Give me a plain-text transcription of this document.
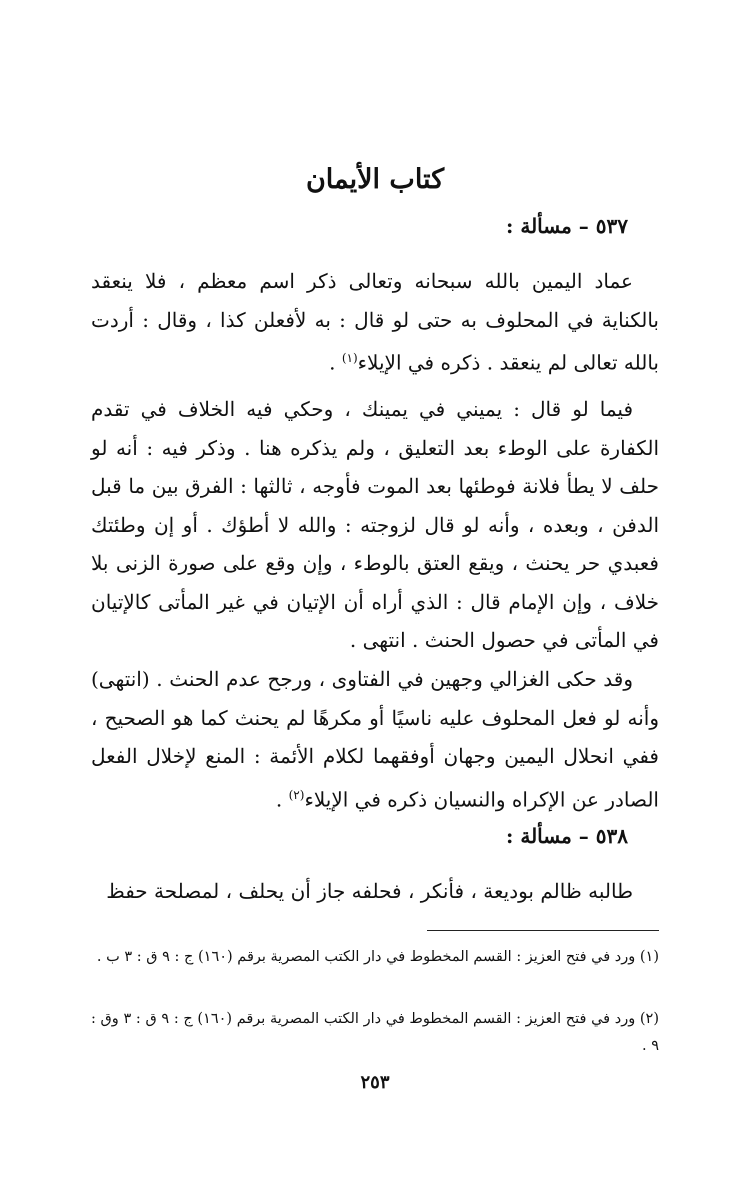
كتاب الأيمان
٥٣٧ – مسألة :

عماد اليمين بالله سبحانه وتعالى ذكر اسم معظم ، فلا ينعقد بالكناية في المحلوف به حتى لو قال : به لأفعلن كذا ، وقال : أردت بالله تعالى لم ينعقد . ذكره في الإيلاء$^{(١)}$ .

فيما لو قال : يميني في يمينك ، وحكي فيه الخلاف في تقدم الكفارة على الوطء بعد التعليق ، ولم يذكره هنا . وذكر فيه : أنه لو حلف لا يطأ فلانة فوطئها بعد الموت فأوجه ، ثالثها : الفرق بين ما قبل الدفن ، وبعده ، وأنه لو قال لزوجته : والله لا أطؤك . أو إن وطئتك فعبدي حر يحنث ، ويقع العتق بالوطء ، وإن وقع على صورة الزنى بلا خلاف ، وإن الإمام قال : الذي أراه أن الإتيان في غير المأتى كالإتيان في المأتى في حصول الحنث . انتهى .

وقد حكى الغزالي وجهين في الفتاوى ، ورجح عدم الحنث . (انتهى) وأنه لو فعل المحلوف عليه ناسيًا أو مكرهًا لم يحنث كما هو الصحيح ، ففي انحلال اليمين وجهان أوفقهما لكلام الأئمة : المنع لإخلال الفعل الصادر عن الإكراه والنسيان ذكره في الإيلاء$^{(٢)}$ .

٥٣٨ – مسألة :

طالبه ظالم بوديعة ، فأنكر ، فحلفه جاز أن يحلف ، لمصلحة حفظ

(١) ورد في فتح العزيز : القسم المخطوط في دار الكتب المصرية برقم (١٦٠) ج : ٩ ق : ٣ ب .

(٢) ورد في فتح العزيز : القسم المخطوط في دار الكتب المصرية برقم (١٦٠) ج : ٩ ق : ٣ وق : ٩ .

٢٥٣
